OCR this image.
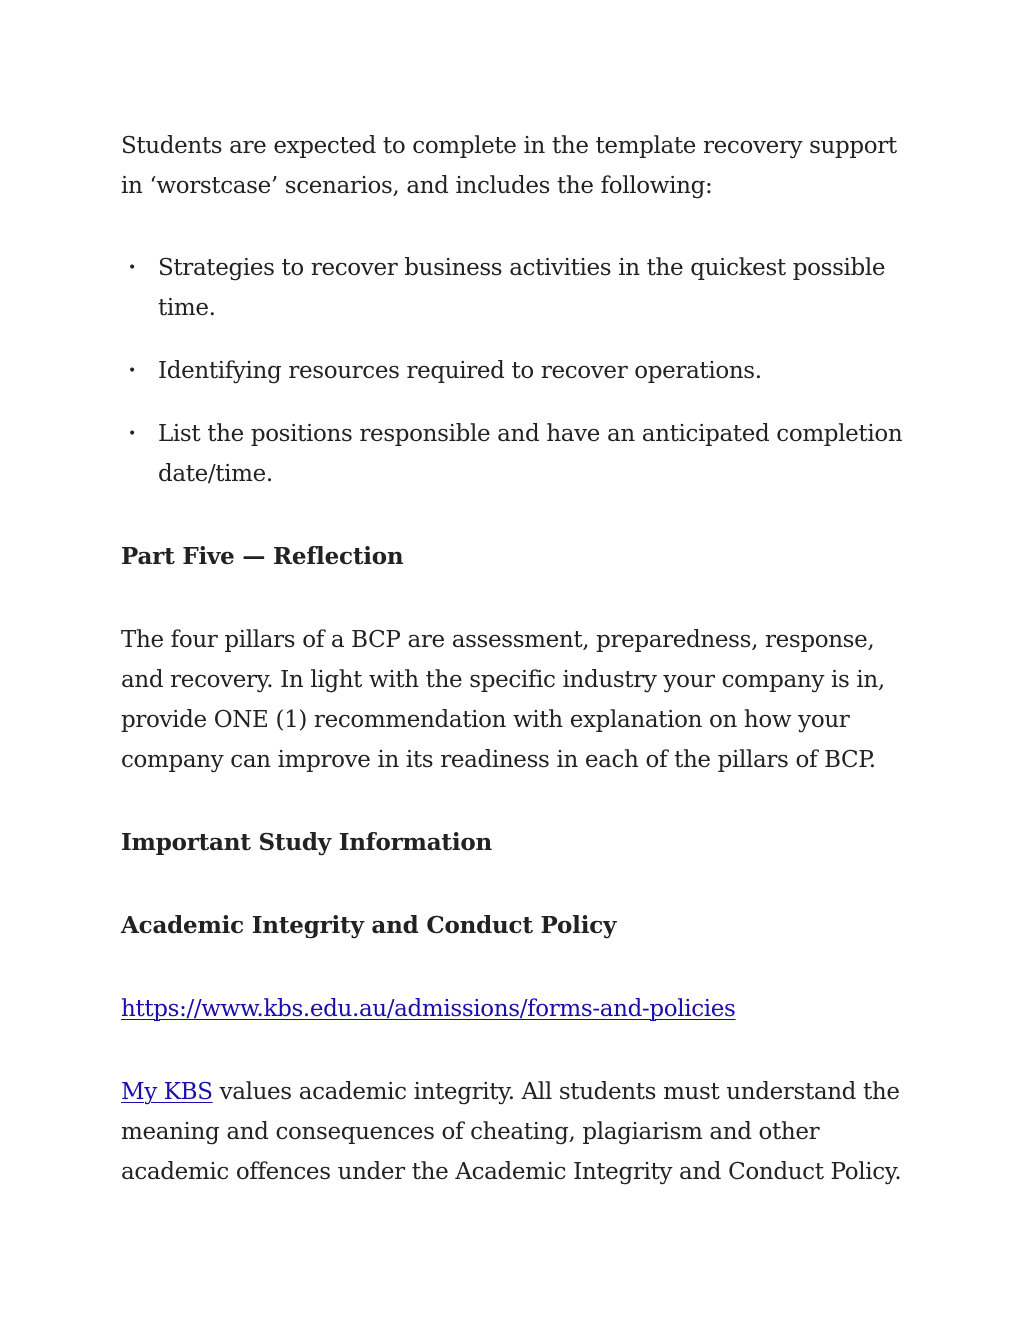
Students are expected to complete in the template recovery support in ‘worstcase’ scenarios, and includes the following:

• Strategies to recover business activities in the quickest possible time.
• Identifying resources required to recover operations.
• List the positions responsible and have an anticipated completion date/time.
Part Five — Reflection

The four pillars of a BCP are assessment, preparedness, response, and recovery. In light with the specific industry your company is in, provide ONE (1) recommendation with explanation on how your company can improve in its readiness in each of the pillars of BCP.

Important Study Information
Academic Integrity and Conduct Policy

https://www.kbs.edu.au/admissions/forms-and-policies

My KBS values academic integrity. All students must understand the meaning and consequences of cheating, plagiarism and other academic offences under the Academic Integrity and Conduct Policy.
